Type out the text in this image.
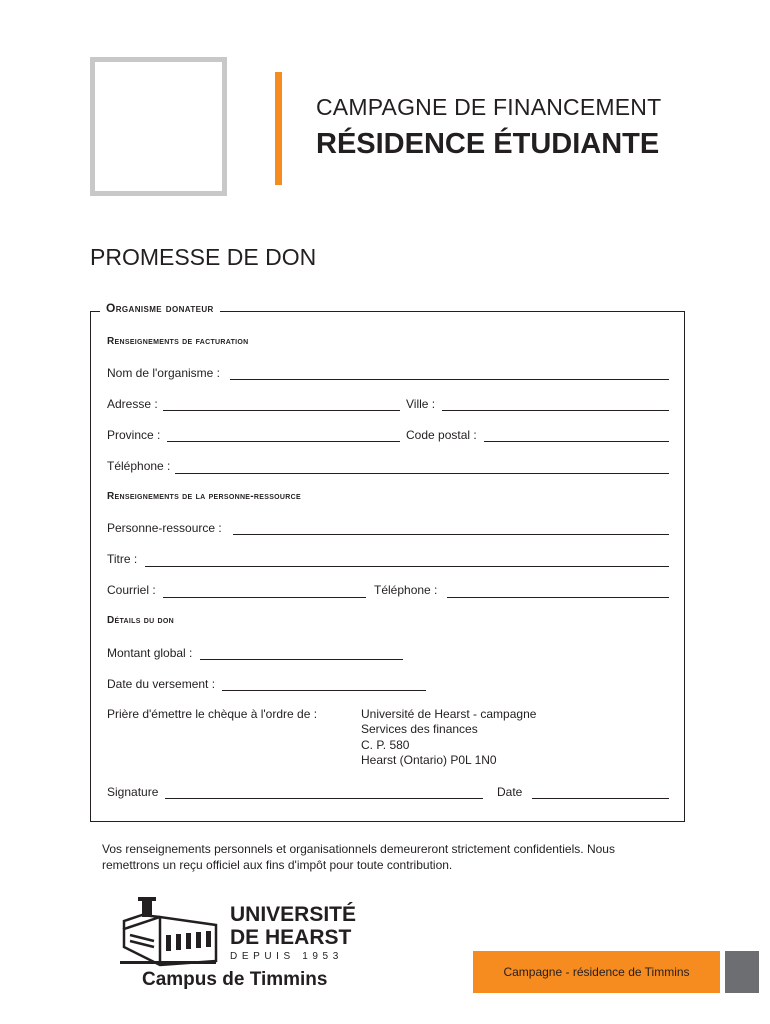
CAMPAGNE DE FINANCEMENT
RÉSIDENCE ÉTUDIANTE
PROMESSE DE DON
Organisme donateur
Renseignements de facturation
Nom de l'organisme :
Adresse :	Ville :
Province :	Code postal :
Téléphone :
Renseignements de la personne-ressource
Personne-ressource :
Titre :
Courriel :	Téléphone :
Détails du don
Montant global :
Date du versement :
Prière d'émettre le chèque à l'ordre de :	Université de Hearst - campagne
Services des finances
C. P. 580
Hearst (Ontario) P0L 1N0
Signature	Date
Vos renseignements personnels et organisationnels demeureront strictement confidentiels. Nous remettrons un reçu officiel aux fins d'impôt pour toute contribution.
UNIVERSITÉ
DE HEARST
DEPUIS 1953
Campus de Timmins	Campagne - résidence de Timmins
